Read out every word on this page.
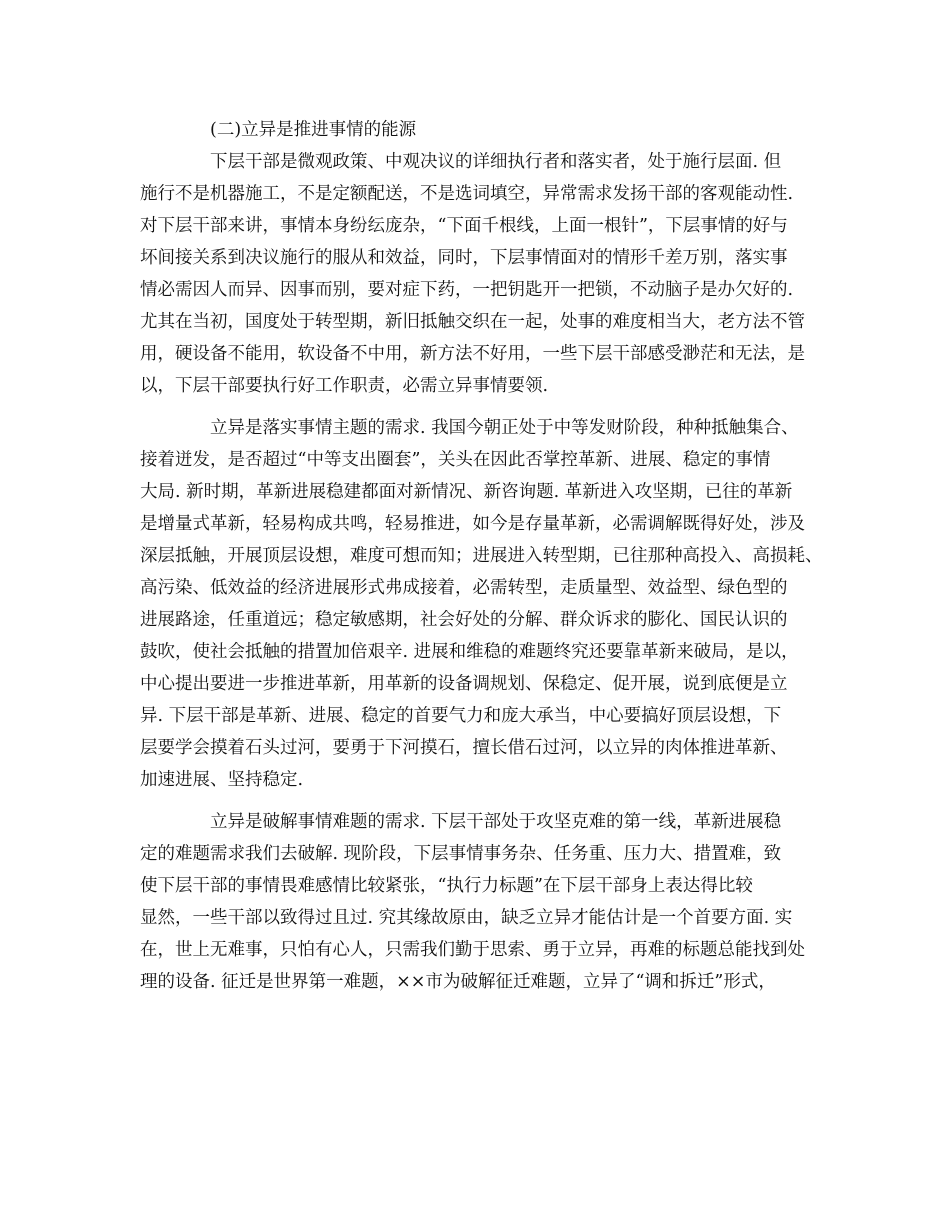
(二)立异是推进事情的能源
下层干部是微观政策、中观决议的详细执行者和落实者，处于施行层面. 但
施行不是机器施工，不是定额配送，不是选词填空，异常需求发扬干部的客观能动性.
对下层干部来讲，事情本身纷纭庞杂，“下面千根线，上面一根针”，下层事情的好与
坏间接关系到决议施行的服从和效益，同时，下层事情面对的情形千差万别，落实事
情必需因人而异、因事而别，要对症下药，一把钥匙开一把锁，不动脑子是办欠好的.
尤其在当初，国度处于转型期，新旧抵触交织在一起，处事的难度相当大，老方法不管
用，硬设备不能用，软设备不中用，新方法不好用，一些下层干部感受渺茫和无法，是
以，下层干部要执行好工作职责，必需立异事情要领.
立异是落实事情主题的需求. 我国今朝正处于中等发财阶段，种种抵触集合、
接着迸发，是否超过“中等支出圈套”，关头在因此否掌控革新、进展、稳定的事情
大局. 新时期，革新进展稳建都面对新情况、新咨询题. 革新进入攻坚期，已往的革新
是增量式革新，轻易构成共鸣，轻易推进，如今是存量革新，必需调解既得好处，涉及
深层抵触，开展顶层设想，难度可想而知；进展进入转型期，已往那种高投入、高损耗、
高污染、低效益的经济进展形式弗成接着，必需转型，走质量型、效益型、绿色型的
进展路途，任重道远；稳定敏感期，社会好处的分解、群众诉求的膨化、国民认识的
鼓吹，使社会抵触的措置加倍艰辛. 进展和维稳的难题终究还要靠革新来破局，是以，
中心提出要进一步推进革新，用革新的设备调规划、保稳定、促开展，说到底便是立
异. 下层干部是革新、进展、稳定的首要气力和庞大承当，中心要搞好顶层设想，下
层要学会摸着石头过河，要勇于下河摸石，擅长借石过河，以立异的肉体推进革新、
加速进展、坚持稳定.
立异是破解事情难题的需求. 下层干部处于攻坚克难的第一线，革新进展稳
定的难题需求我们去破解. 现阶段，下层事情事务杂、任务重、压力大、措置难，致
使下层干部的事情畏难感情比较紧张，“执行力标题”在下层干部身上表达得比较
显然，一些干部以致得过且过. 究其缘故原由，缺乏立异才能估计是一个首要方面. 实
在，世上无难事，只怕有心人，只需我们勤于思索、勇于立异，再难的标题总能找到处
理的设备. 征迁是世界第一难题，××市为破解征迁难题，立异了“调和拆迁”形式，
